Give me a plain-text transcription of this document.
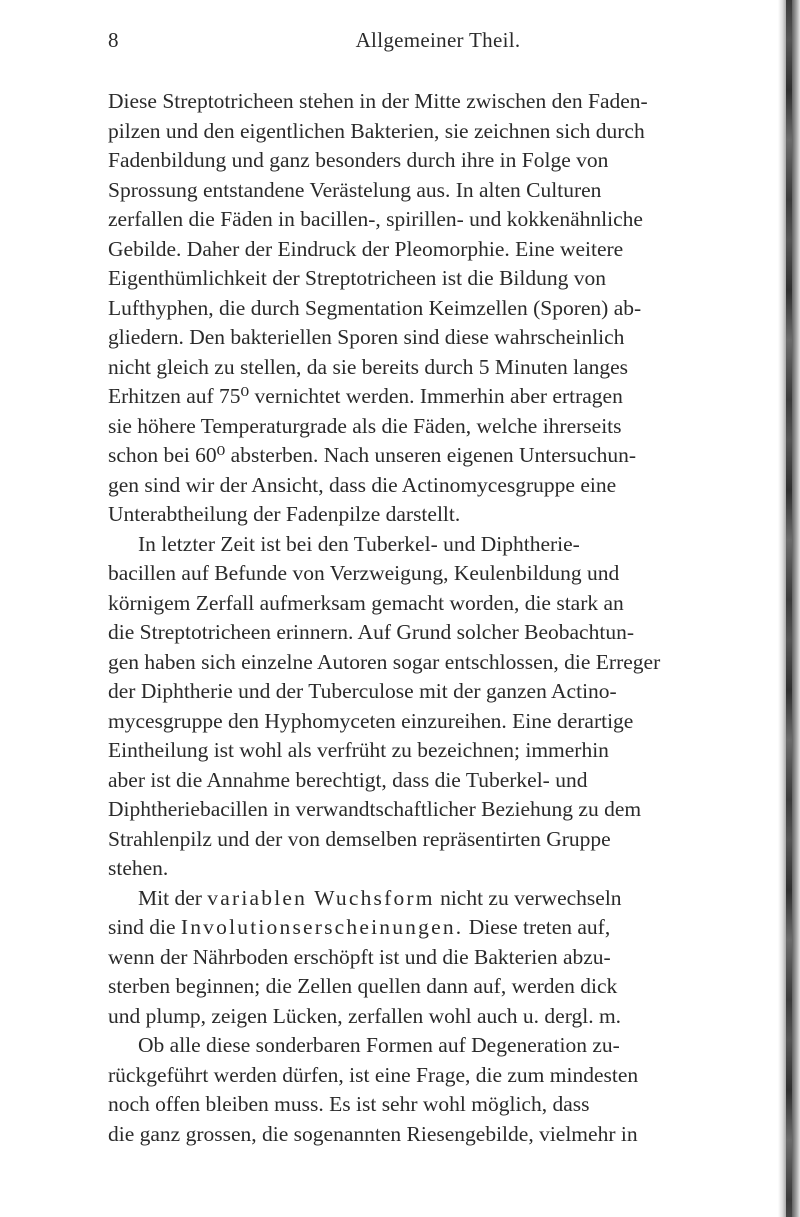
8	Allgemeiner Theil.
Diese Streptotricheen stehen in der Mitte zwischen den Faden-
pilzen und den eigentlichen Bakterien, sie zeichnen sich durch
Fadenbildung und ganz besonders durch ihre in Folge von
Sprossung entstandene Verästelung aus. In alten Culturen
zerfallen die Fäden in bacillen-, spirillen- und kokkenähnliche
Gebilde. Daher der Eindruck der Pleomorphie. Eine weitere
Eigenthümlichkeit der Streptotricheen ist die Bildung von
Lufthyphen, die durch Segmentation Keimzellen (Sporen) ab-
gliedern. Den bakteriellen Sporen sind diese wahrscheinlich
nicht gleich zu stellen, da sie bereits durch 5 Minuten langes
Erhitzen auf 75⁰ vernichtet werden. Immerhin aber ertragen
sie höhere Temperaturgrade als die Fäden, welche ihrerseits
schon bei 60⁰ absterben. Nach unseren eigenen Untersuchun-
gen sind wir der Ansicht, dass die Actinomycesgruppe eine
Unterabtheilung der Fadenpilze darstellt.
In letzter Zeit ist bei den Tuberkel- und Diphtherie-
bacillen auf Befunde von Verzweigung, Keulenbildung und
körnigem Zerfall aufmerksam gemacht worden, die stark an
die Streptotricheen erinnern. Auf Grund solcher Beobachtun-
gen haben sich einzelne Autoren sogar entschlossen, die Erreger
der Diphtherie und der Tuberculose mit der ganzen Actino-
mycesgruppe den Hyphomyceten einzureihen. Eine derartige
Eintheilung ist wohl als verfrüht zu bezeichnen; immerhin
aber ist die Annahme berechtigt, dass die Tuberkel- und
Diphtheriebacillen in verwandtschaftlicher Beziehung zu dem
Strahlenpilz und der von demselben repräsentirten Gruppe
stehen.
Mit der variablen Wuchsform nicht zu verwechseln
sind die Involutionserscheinungen. Diese treten auf,
wenn der Nährboden erschöpft ist und die Bakterien abzu-
sterben beginnen; die Zellen quellen dann auf, werden dick
und plump, zeigen Lücken, zerfallen wohl auch u. dergl. m.
Ob alle diese sonderbaren Formen auf Degeneration zu-
rückgeführt werden dürfen, ist eine Frage, die zum mindesten
noch offen bleiben muss. Es ist sehr wohl möglich, dass
die ganz grossen, die sogenannten Riesengebilde, vielmehr in
